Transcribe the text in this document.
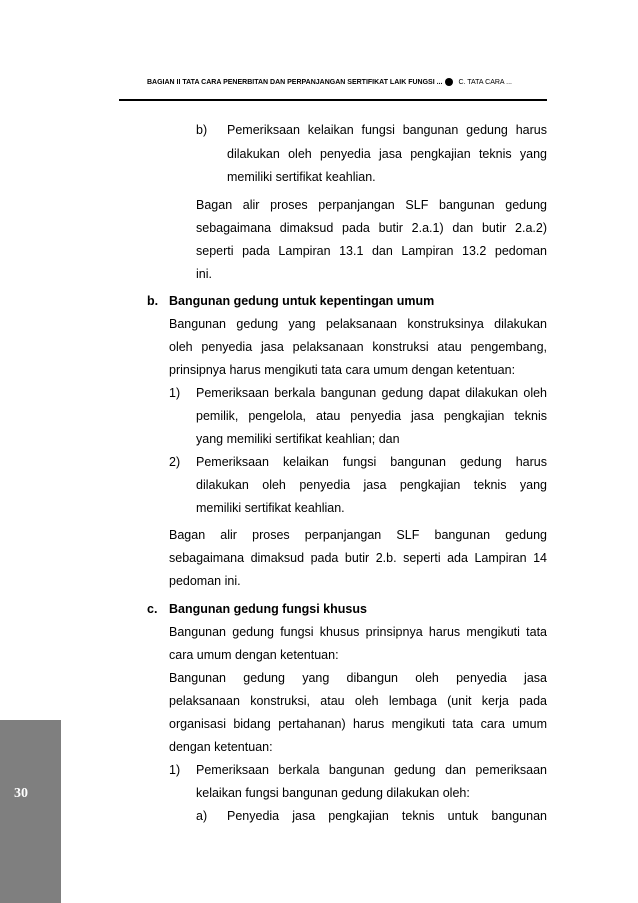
BAGIAN II TATA CARA PENERBITAN DAN PERPANJANGAN SERTIFIKAT LAIK FUNGSI ... C. TATA CARA ...
30
b) Pemeriksaan kelaikan fungsi bangunan gedung harus
dilakukan oleh penyedia jasa pengkajian teknis yang
memiliki sertifikat keahlian.
Bagan alir proses perpanjangan SLF bangunan gedung
sebagaimana dimaksud pada butir 2.a.1) dan butir 2.a.2)
seperti pada Lampiran 13.1 dan Lampiran 13.2 pedoman
ini.
b. Bangunan gedung untuk kepentingan umum
Bangunan gedung yang pelaksanaan konstruksinya dilakukan
oleh penyedia jasa pelaksanaan konstruksi atau pengembang,
prinsipnya harus mengikuti tata cara umum dengan ketentuan:
1) Pemeriksaan berkala bangunan gedung dapat dilakukan oleh
pemilik, pengelola, atau penyedia jasa pengkajian teknis
yang memiliki sertifikat keahlian; dan
2) Pemeriksaan kelaikan fungsi bangunan gedung harus
dilakukan oleh penyedia jasa pengkajian teknis yang
memiliki sertifikat keahlian.
Bagan alir proses perpanjangan SLF bangunan gedung
sebagaimana dimaksud pada butir 2.b. seperti ada Lampiran 14
pedoman ini.
c. Bangunan gedung fungsi khusus
Bangunan gedung fungsi khusus prinsipnya harus mengikuti tata
cara umum dengan ketentuan:
Bangunan gedung yang dibangun oleh penyedia jasa
pelaksanaan konstruksi, atau oleh lembaga (unit kerja pada
organisasi bidang pertahanan) harus mengikuti tata cara umum
dengan ketentuan:
1) Pemeriksaan berkala bangunan gedung dan pemeriksaan
kelaikan fungsi bangunan gedung dilakukan oleh:
a) Penyedia jasa pengkajian teknis untuk bangunan
